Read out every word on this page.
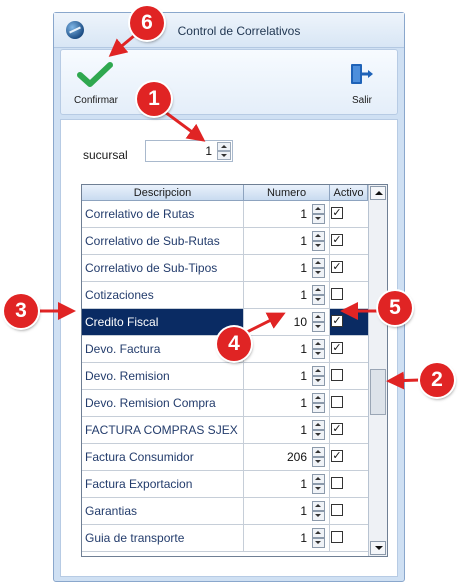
Control de Correlativos
Confirmar	Salir
sucursal	1
Descripcion	Numero	Activo
Correlativo de Rutas	1 ✓
Correlativo de Sub-Rutas	1 ✓
Correlativo de Sub-Tipos	1 ✓
Cotizaciones	1
Credito Fiscal	10 ✓
Devo. Factura	1 ✓
Devo. Remision	1
Devo. Remision Compra	1
FACTURA COMPRAS SJEX	1 ✓
Factura Consumidor	206 ✓
Factura Exportacion	1
Garantias	1
Guia de transporte	1
1
2
3
4
5
6
